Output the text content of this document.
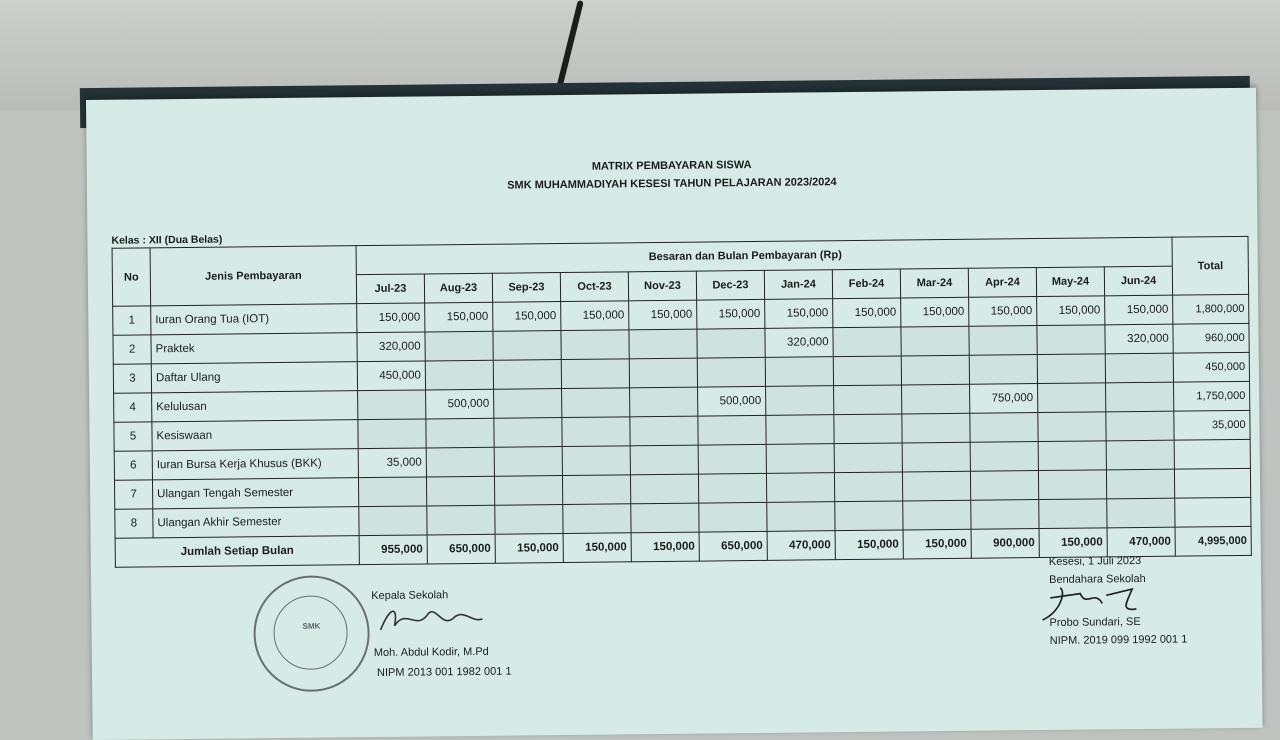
MATRIX PEMBAYARAN SISWA
SMK MUHAMMADIYAH KESESI TAHUN PELAJARAN 2023/2024
Kelas : XII (Dua Belas)
No	Jenis Pembayaran	Besaran dan Bulan Pembayaran (Rp)												Total
		Jul-23	Aug-23	Sep-23	Oct-23	Nov-23	Dec-23	Jan-24	Feb-24	Mar-24	Apr-24	May-24	Jun-24	
1	Iuran Orang Tua (IOT)	150,000	150,000	150,000	150,000	150,000	150,000	150,000	150,000	150,000	150,000	150,000	150,000	1,800,000
2	Praktek	320,000						320,000					320,000	960,000
3	Daftar Ulang	450,000												450,000
4	Kelulusan		500,000				500,000				750,000			1,750,000
5	Kesiswaan													35,000
6	Iuran Bursa Kerja Khusus (BKK)	35,000												
7	Ulangan Tengah Semester													
8	Ulangan Akhir Semester													
Jumlah Setiap Bulan		955,000	650,000	150,000	150,000	150,000	650,000	470,000	150,000	150,000	900,000	150,000	470,000	4,995,000
SMK
Kepala Sekolah
Moh. Abdul Kodir, M.Pd
NIPM 2013 001 1982 001 1
Kesesi, 1 Juli 2023
Bendahara Sekolah
Probo Sundari, SE
NIPM. 2019 099 1992 001 1
